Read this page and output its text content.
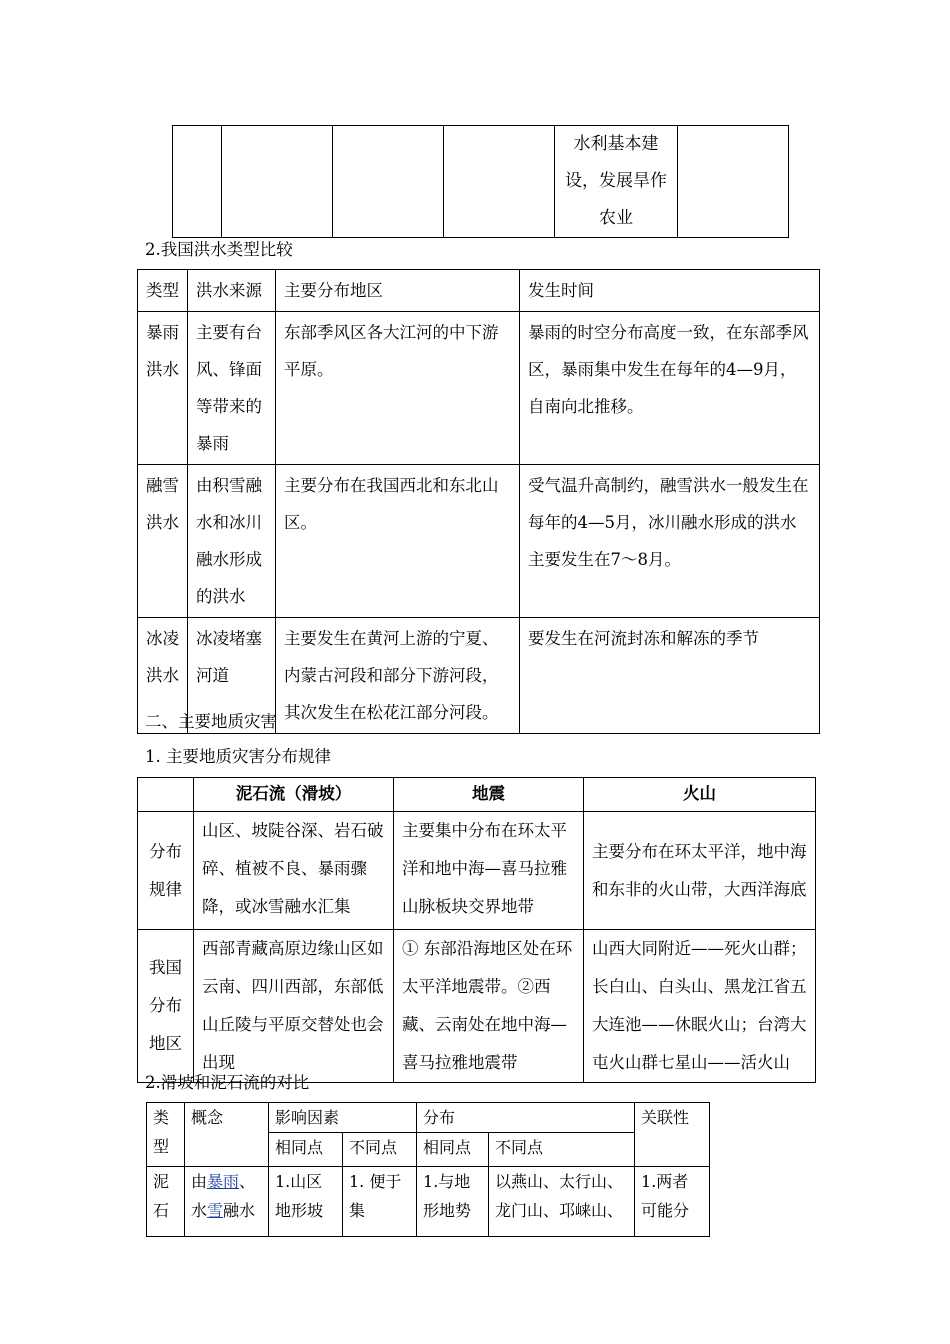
				水利基本建设，发展旱作农业	
2.我国洪水类型比较
类型	洪水来源	主要分布地区	发生时间
暴雨洪水	主要有台风、锋面等带来的暴雨	东部季风区各大江河的中下游平原。	暴雨的时空分布高度一致，在东部季风区，暴雨集中发生在每年的4—9月，自南向北推移。
融雪洪水	由积雪融水和冰川融水形成的洪水	主要分布在我国西北和东北山区。	受气温升高制约，融雪洪水一般发生在每年的4—5月，冰川融水形成的洪水主要发生在7～8月。
冰凌洪水	冰凌堵塞河道	主要发生在黄河上游的宁夏、内蒙古河段和部分下游河段，其次发生在松花江部分河段。	要发生在河流封冻和解冻的季节
二、主要地质灾害
1. 主要地质灾害分布规律
	泥石流（滑坡）	地震	火山
分布规律	山区、坡陡谷深、岩石破碎、植被不良、暴雨骤降，或冰雪融水汇集	主要集中分布在环太平洋和地中海—喜马拉雅山脉板块交界地带	主要分布在环太平洋，地中海和东非的火山带，大西洋海底
我国分布地区	西部青藏高原边缘山区如云南、四川西部，东部低山丘陵与平原交替处也会出现	① 东部沿海地区处在环太平洋地震带。②西藏、云南处在地中海—喜马拉雅地震带	山西大同附近——死火山群；长白山、白头山、黑龙江省五大连池——休眠火山；台湾大屯火山群七星山——活火山
2.滑坡和泥石流的对比
类型	概念	影响因素		分布		关联性
		相同点	不同点	相同点	不同点	
泥石	由暴雨、水雪融水	1.山区地形坡	1. 便于集	1.与地形地势	以燕山、太行山、龙门山、邛崃山、	1.两者可能分
